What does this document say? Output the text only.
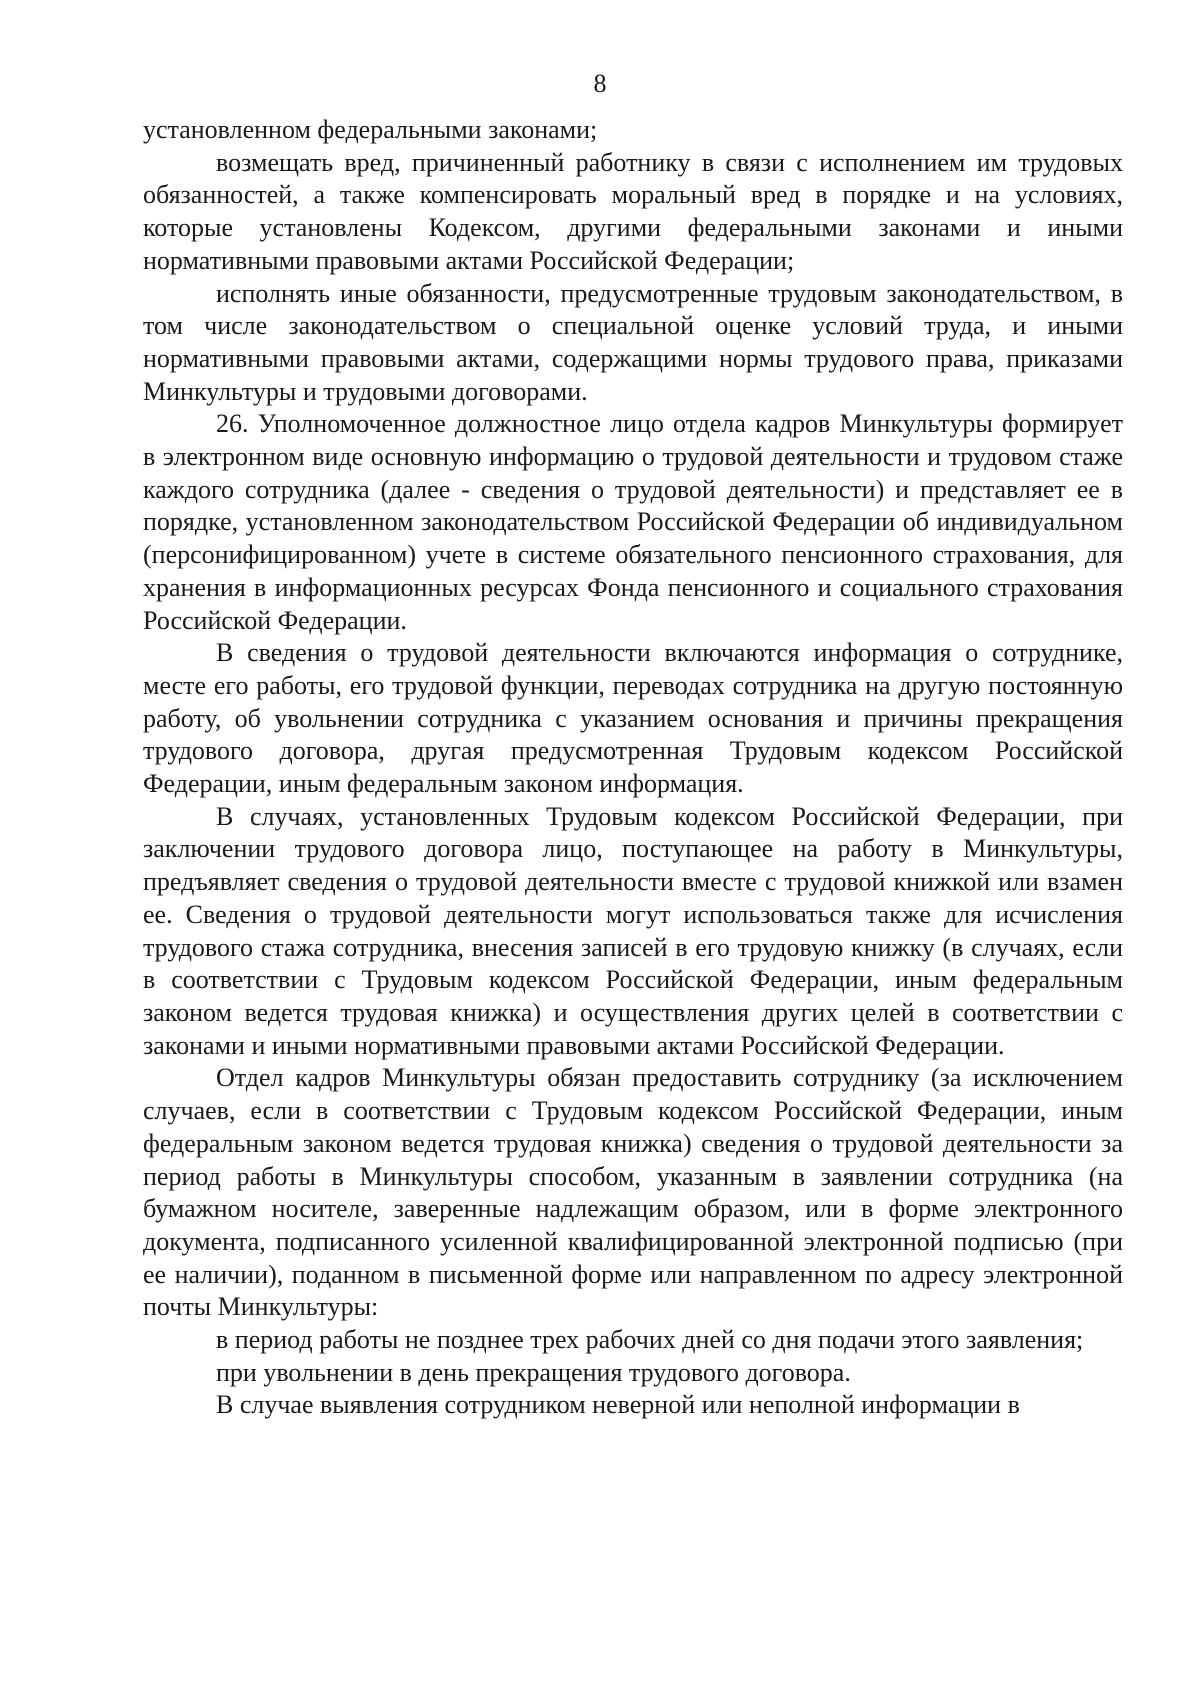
8

установленном федеральными законами;

возмещать вред, причиненный работнику в связи с исполнением им трудовых обязанностей, а также компенсировать моральный вред в порядке и на условиях, которые установлены Кодексом, другими федеральными законами и иными нормативными правовыми актами Российской Федерации;

исполнять иные обязанности, предусмотренные трудовым законодательством, в том числе законодательством о специальной оценке условий труда, и иными нормативными правовыми актами, содержащими нормы трудового права, приказами Минкультуры и трудовыми договорами.

26. Уполномоченное должностное лицо отдела кадров Минкультуры формирует в электронном виде основную информацию о трудовой деятельности и трудовом стаже каждого сотрудника (далее - сведения о трудовой деятельности) и представляет ее в порядке, установленном законодательством Российской Федерации об индивидуальном (персонифицированном) учете в системе обязательного пенсионного страхования, для хранения в информационных ресурсах Фонда пенсионного и социального страхования Российской Федерации.

В сведения о трудовой деятельности включаются информация о сотруднике, месте его работы, его трудовой функции, переводах сотрудника на другую постоянную работу, об увольнении сотрудника с указанием основания и причины прекращения трудового договора, другая предусмотренная Трудовым кодексом Российской Федерации, иным федеральным законом информация.

В случаях, установленных Трудовым кодексом Российской Федерации, при заключении трудового договора лицо, поступающее на работу в Минкультуры, предъявляет сведения о трудовой деятельности вместе с трудовой книжкой или взамен ее. Сведения о трудовой деятельности могут использоваться также для исчисления трудового стажа сотрудника, внесения записей в его трудовую книжку (в случаях, если в соответствии с Трудовым кодексом Российской Федерации, иным федеральным законом ведется трудовая книжка) и осуществления других целей в соответствии с законами и иными нормативными правовыми актами Российской Федерации.

Отдел кадров Минкультуры обязан предоставить сотруднику (за исключением случаев, если в соответствии с Трудовым кодексом Российской Федерации, иным федеральным законом ведется трудовая книжка) сведения о трудовой деятельности за период работы в Минкультуры способом, указанным в заявлении сотрудника (на бумажном носителе, заверенные надлежащим образом, или в форме электронного документа, подписанного усиленной квалифицированной электронной подписью (при ее наличии), поданном в письменной форме или направленном по адресу электронной почты Минкультуры:

в период работы не позднее трех рабочих дней со дня подачи этого заявления;

при увольнении в день прекращения трудового договора.

В случае выявления сотрудником неверной или неполной информации в
